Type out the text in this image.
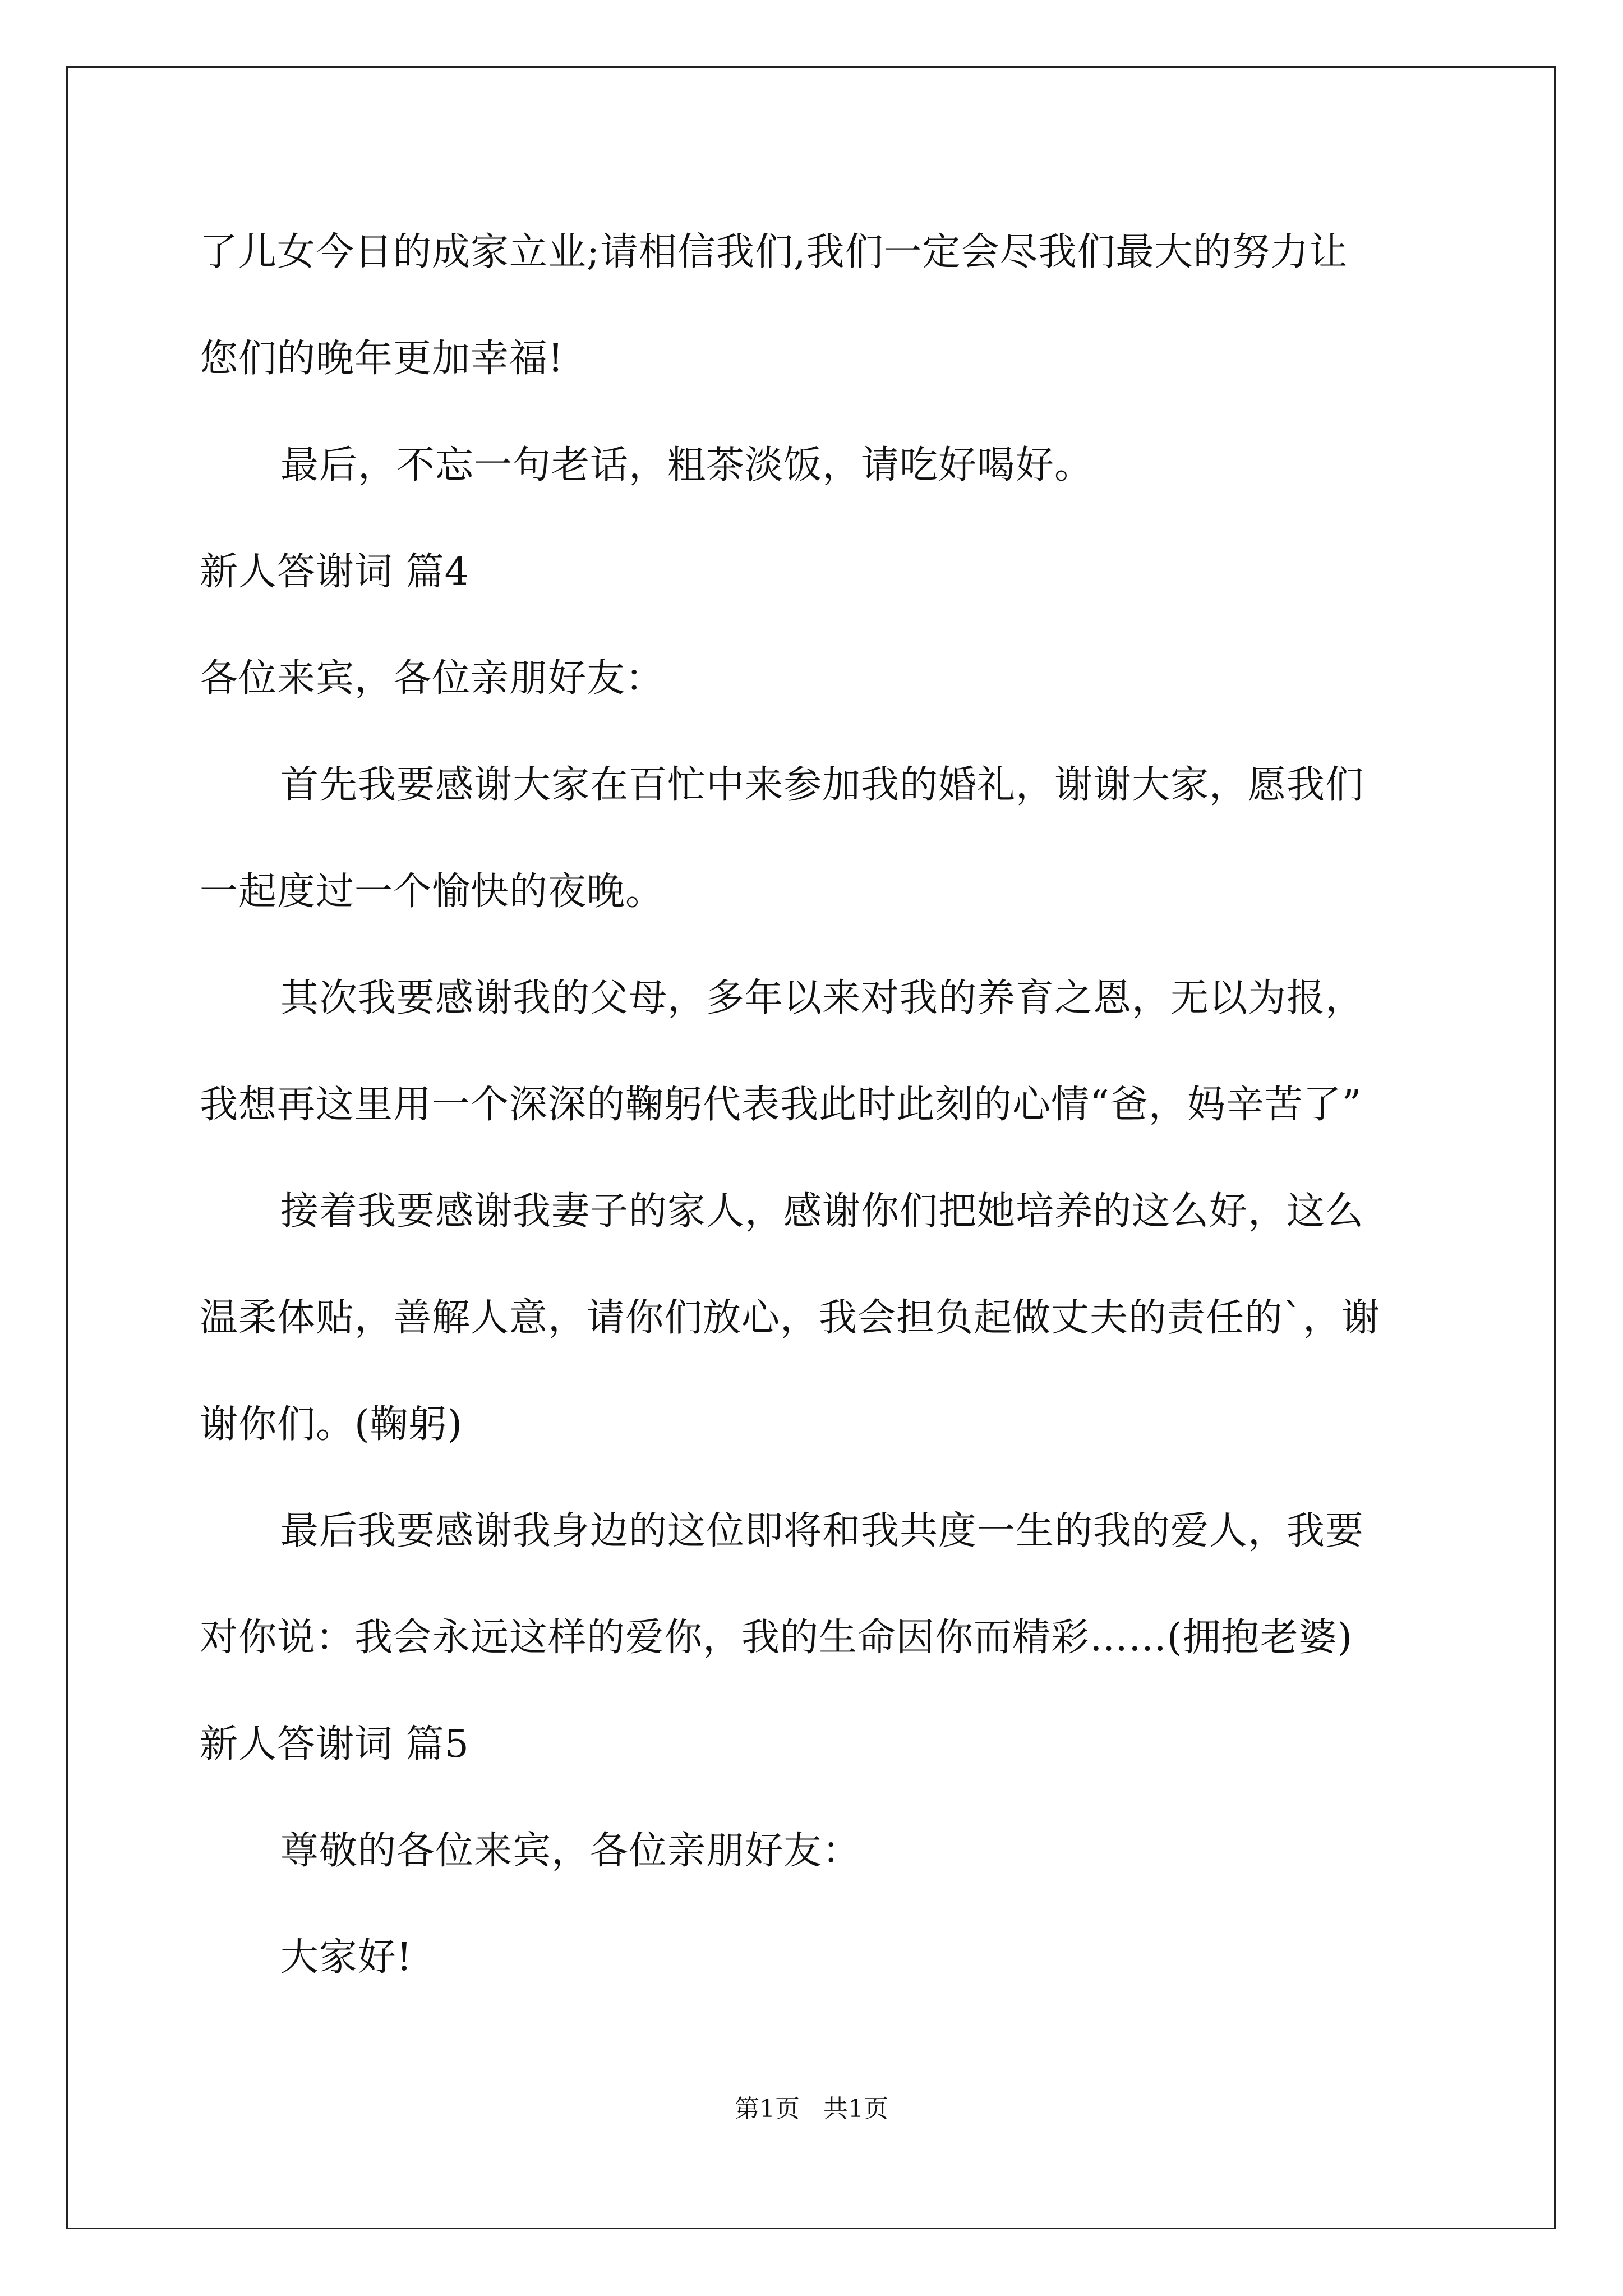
了儿女今日的成家立业;请相信我们,我们一定会尽我们最大的努力让
您们的晚年更加幸福!
最后，不忘一句老话，粗茶淡饭，请吃好喝好。
新人答谢词 篇4
各位来宾，各位亲朋好友：
首先我要感谢大家在百忙中来参加我的婚礼，谢谢大家，愿我们
一起度过一个愉快的夜晚。
其次我要感谢我的父母，多年以来对我的养育之恩，无以为报，
我想再这里用一个深深的鞠躬代表我此时此刻的心情“爸，妈辛苦了”
接着我要感谢我妻子的家人，感谢你们把她培养的这么好，这么
温柔体贴，善解人意，请你们放心，我会担负起做丈夫的责任的`，谢
谢你们。(鞠躬)
最后我要感谢我身边的这位即将和我共度一生的我的爱人，我要
对你说：我会永远这样的爱你，我的生命因你而精彩……(拥抱老婆)
新人答谢词 篇5
尊敬的各位来宾，各位亲朋好友：
大家好!
第1页   共1页
